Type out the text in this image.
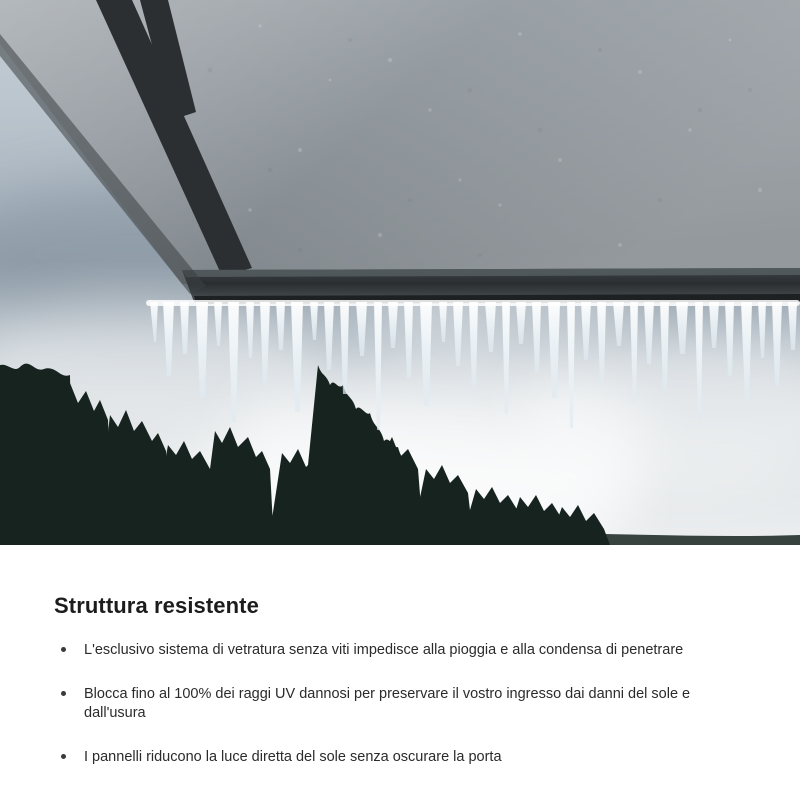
Struttura resistente
L'esclusivo sistema di vetratura senza viti impedisce alla pioggia e alla condensa di penetrare
Blocca fino al 100% dei raggi UV dannosi per preservare il vostro ingresso dai danni del sole e dall'usura
I pannelli riducono la luce diretta del sole senza oscurare la porta
